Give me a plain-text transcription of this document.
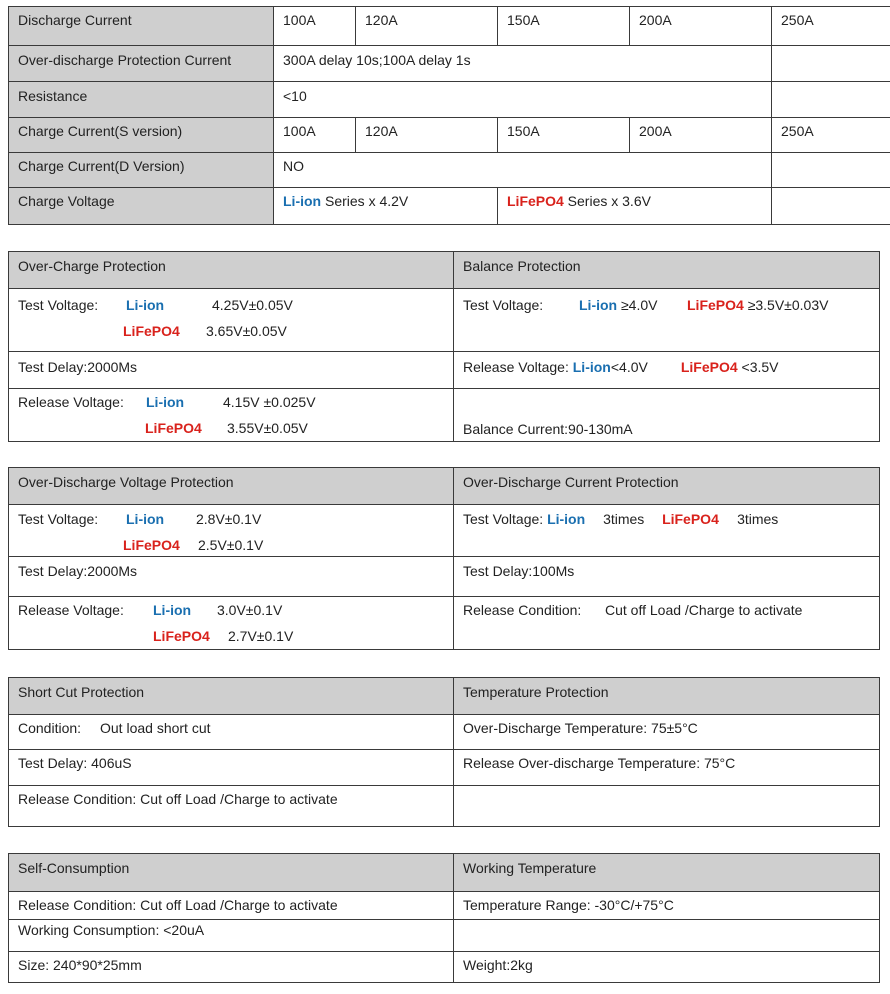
Discharge Current	100A	120A	150A	200A	250A
Over-discharge Protection Current	300A delay 10s;100A delay 1s				
Resistance	<10				
Charge Current(S version)	100A	120A	150A	200A	250A
Charge Current(D Version)	NO				
Charge Voltage	Li-ion Series x 4.2V		LiFePO4 Series x 3.6V		
Over-Charge Protection	Balance Protection

Test Voltage: Li-ion 4.25V±0.05V
LiFePO4 3.65V±0.05V	Test Voltage: Li-ion ≥4.0V LiFePO4 ≥3.5V±0.03V

Test Delay:2000Ms	Release Voltage: Li-ion<4.0V LiFePO4 <3.5V

Release Voltage: Li-ion 4.15V ±0.025V
LiFePO4 3.55V±0.05V	Balance Current:90-130mA
Over-Discharge Voltage Protection	Over-Discharge Current Protection

Test Voltage: Li-ion 2.8V±0.1V
LiFePO4 2.5V±0.1V	Test Voltage: Li-ion 3times LiFePO4 3times

Test Delay:2000Ms	Test Delay:100Ms

Release Voltage: Li-ion 3.0V±0.1V
LiFePO4 2.7V±0.1V	Release Condition: Cut off Load /Charge to activate
Short Cut Protection	Temperature Protection
Condition: Out load short cut	Over-Discharge Temperature: 75±5°C
Test Delay: 406uS	Release Over-discharge Temperature: 75°C
Release Condition: Cut off Load /Charge to activate	
Self-Consumption	Working Temperature
Release Condition: Cut off Load /Charge to activate	Temperature Range: -30°C/+75°C
Working Consumption: <20uA	
Size: 240*90*25mm	Weight:2kg
